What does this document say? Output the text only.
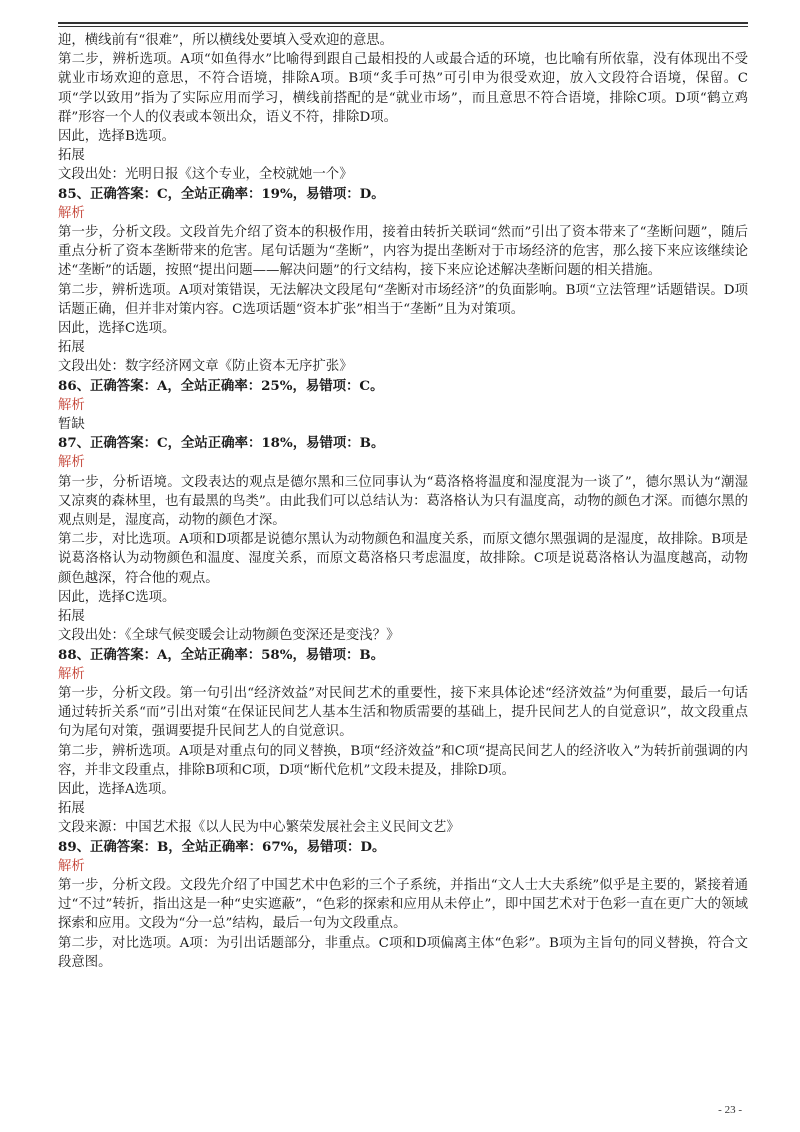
迎，横线前有“很难”，所以横线处要填入受欢迎的意思。

第二步，辨析选项。A项“如鱼得水”比喻得到跟自己最相投的人或最合适的环境，也比喻有所依靠，没有体现出不受就业市场欢迎的意思，不符合语境，排除A项。B项“炙手可热”可引申为很受欢迎，放入文段符合语境，保留。C项“学以致用”指为了实际应用而学习，横线前搭配的是“就业市场”，而且意思不符合语境，排除C项。D项“鹤立鸡群”形容一个人的仪表或本领出众，语义不符，排除D项。

因此，选择B选项。

拓展

文段出处：光明日报《这个专业，全校就她一个》

85、正确答案：C，全站正确率：19%，易错项：D。

解析

第一步，分析文段。文段首先介绍了资本的积极作用，接着由转折关联词“然而”引出了资本带来了“垄断问题”，随后重点分析了资本垄断带来的危害。尾句话题为“垄断”，内容为提出垄断对于市场经济的危害，那么接下来应该继续论述“垄断”的话题，按照“提出问题——解决问题”的行文结构，接下来应论述解决垄断问题的相关措施。

第二步，辨析选项。A项对策错误，无法解决文段尾句“垄断对市场经济”的负面影响。B项“立法管理”话题错误。D项话题正确，但并非对策内容。C选项话题“资本扩张”相当于“垄断”且为对策项。

因此，选择C选项。

拓展

文段出处：数字经济网文章《防止资本无序扩张》

86、正确答案：A，全站正确率：25%，易错项：C。

解析

暂缺

87、正确答案：C，全站正确率：18%，易错项：B。

解析

第一步，分析语境。文段表达的观点是德尔黑和三位同事认为“葛洛格将温度和湿度混为一谈了”，德尔黑认为“潮湿又凉爽的森林里，也有最黑的鸟类”。由此我们可以总结认为：葛洛格认为只有温度高，动物的颜色才深。而德尔黑的观点则是，湿度高，动物的颜色才深。

第二步，对比选项。A项和D项都是说德尔黑认为动物颜色和温度关系，而原文德尔黑强调的是湿度，故排除。B项是说葛洛格认为动物颜色和温度、湿度关系，而原文葛洛格只考虑温度，故排除。C项是说葛洛格认为温度越高，动物颜色越深，符合他的观点。

因此，选择C选项。

拓展

文段出处：《全球气候变暖会让动物颜色变深还是变浅？》

88、正确答案：A，全站正确率：58%，易错项：B。

解析

第一步，分析文段。第一句引出“经济效益”对民间艺术的重要性，接下来具体论述“经济效益”为何重要，最后一句话通过转折关系“而”引出对策“在保证民间艺人基本生活和物质需要的基础上，提升民间艺人的自觉意识”，故文段重点句为尾句对策，强调要提升民间艺人的自觉意识。

第二步，辨析选项。A项是对重点句的同义替换，B项“经济效益”和C项“提高民间艺人的经济收入”为转折前强调的内容，并非文段重点，排除B项和C项，D项“断代危机”文段未提及，排除D项。

因此，选择A选项。

拓展

文段来源：中国艺术报《以人民为中心繁荣发展社会主义民间文艺》

89、正确答案：B，全站正确率：67%，易错项：D。

解析

第一步，分析文段。文段先介绍了中国艺术中色彩的三个子系统，并指出“文人士大夫系统”似乎是主要的，紧接着通过“不过”转折，指出这是一种“史实遮蔽”，“色彩的探索和应用从未停止”，即中国艺术对于色彩一直在更广大的领域探索和应用。文段为“分一总”结构，最后一句为文段重点。

第二步，对比选项。A项：为引出话题部分，非重点。C项和D项偏离主体“色彩”。B项为主旨句的同义替换，符合文段意图。

- 23 -
